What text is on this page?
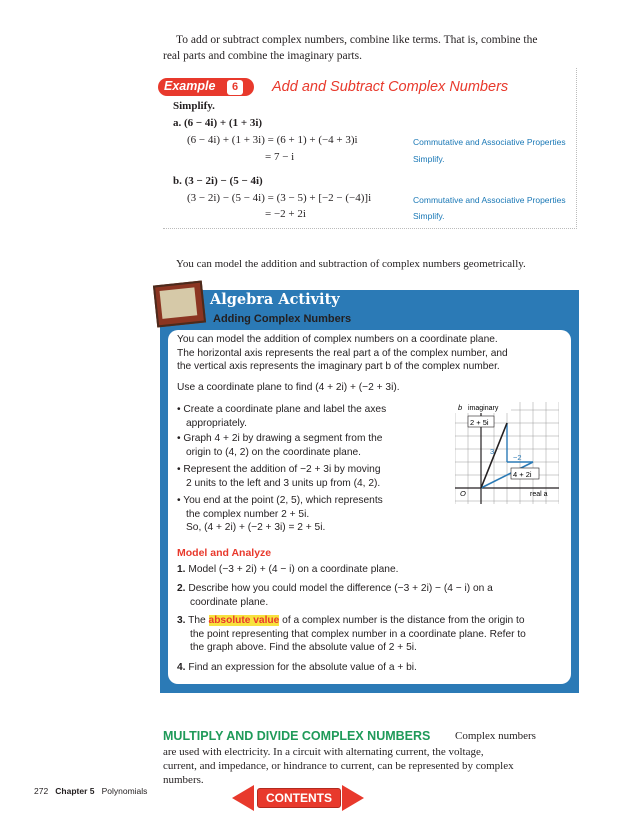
To add or subtract complex numbers, combine like terms. That is, combine the
real parts and combine the imaginary parts.
Example	6	Add and Subtract Complex Numbers
Simplify.
a. (6 − 4i) + (1 + 3i)
(6 − 4i) + (1 + 3i) = (6 + 1) + (−4 + 3)i
= 7 − i
Commutative and Associative Properties
Simplify.
b. (3 − 2i) − (5 − 4i)
(3 − 2i) − (5 − 4i) = (3 − 5) + [−2 − (−4)]i
= −2 + 2i
Commutative and Associative Properties
Simplify.
You can model the addition and subtraction of complex numbers geometrically.
Algebra Activity
Adding Complex Numbers
You can model the addition of complex numbers on a coordinate plane.
The horizontal axis represents the real part a of the complex number, and
the vertical axis represents the imaginary part b of the complex number.
Use a coordinate plane to find (4 + 2i) + (−2 + 3i).
• Create a coordinate plane and label the axes
appropriately.
• Graph 4 + 2i by drawing a segment from the
origin to (4, 2) on the coordinate plane.
• Represent the addition of −2 + 3i by moving
2 units to the left and 3 units up from (4, 2).
• You end at the point (2, 5), which represents
the complex number 2 + 5i.
So, (4 + 2i) + (−2 + 3i) = 2 + 5i.
b imaginary
2 + 5i
4 + 2i
−2
3
O	real a
Model and Analyze
1. Model (−3 + 2i) + (4 − i) on a coordinate plane.
2. Describe how you could model the difference (−3 + 2i) − (4 − i) on a
coordinate plane.
3. The absolute value of a complex number is the distance from the origin to
the point representing that complex number in a coordinate plane. Refer to
the graph above. Find the absolute value of 2 + 5i.
4. Find an expression for the absolute value of a + bi.
MULTIPLY AND DIVIDE COMPLEX NUMBERS Complex numbers
are used with electricity. In a circuit with alternating current, the voltage,
current, and impedance, or hindrance to current, can be represented by complex
numbers.
272 Chapter 5 Polynomials	CONTENTS
